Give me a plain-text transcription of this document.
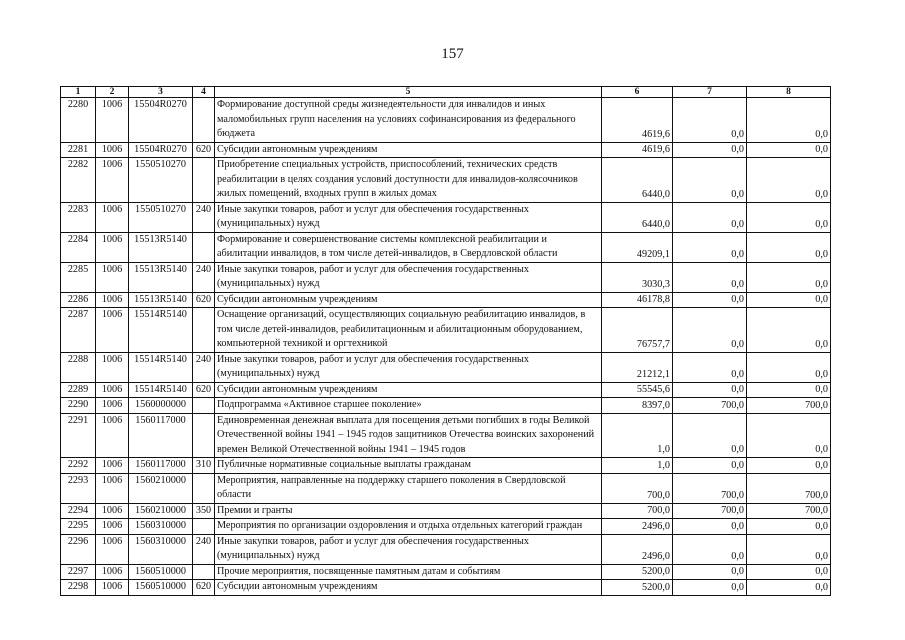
157
1	2	3	4	5	6	7	8
2280	1006	15504R0270		Формирование доступной среды жизнедеятельности для инвалидов и иных маломобильных групп населения на условиях софинансирования из федерального бюджета	4619,6	0,0	0,0
2281	1006	15504R0270	620	Субсидии автономным учреждениям	4619,6	0,0	0,0
2282	1006	1550510270		Приобретение специальных устройств, приспособлений, технических средств реабилитации в целях создания условий доступности для инвалидов-колясочников жилых помещений, входных групп в жилых домах	6440,0	0,0	0,0
2283	1006	1550510270	240	Иные закупки товаров, работ и услуг для обеспечения государственных (муниципальных) нужд	6440,0	0,0	0,0
2284	1006	15513R5140		Формирование и совершенствование системы комплексной реабилитации и абилитации инвалидов, в том числе детей-инвалидов, в Свердловской области	49209,1	0,0	0,0
2285	1006	15513R5140	240	Иные закупки товаров, работ и услуг для обеспечения государственных (муниципальных) нужд	3030,3	0,0	0,0
2286	1006	15513R5140	620	Субсидии автономным учреждениям	46178,8	0,0	0,0
2287	1006	15514R5140		Оснащение организаций, осуществляющих социальную реабилитацию инвалидов, в том числе детей-инвалидов, реабилитационным и абилитационным оборудованием, компьютерной техникой и оргтехникой	76757,7	0,0	0,0
2288	1006	15514R5140	240	Иные закупки товаров, работ и услуг для обеспечения государственных (муниципальных) нужд	21212,1	0,0	0,0
2289	1006	15514R5140	620	Субсидии автономным учреждениям	55545,6	0,0	0,0
2290	1006	1560000000		Подпрограмма «Активное старшее поколение»	8397,0	700,0	700,0
2291	1006	1560117000		Единовременная денежная выплата для посещения детьми погибших в годы Великой Отечественной войны 1941 – 1945 годов защитников Отечества воинских захоронений времен Великой Отечественной войны 1941 – 1945 годов	1,0	0,0	0,0
2292	1006	1560117000	310	Публичные нормативные социальные выплаты гражданам	1,0	0,0	0,0
2293	1006	1560210000		Мероприятия, направленные на поддержку старшего поколения в Свердловской области	700,0	700,0	700,0
2294	1006	1560210000	350	Премии и гранты	700,0	700,0	700,0
2295	1006	1560310000		Мероприятия по организации оздоровления и отдыха отдельных категорий граждан	2496,0	0,0	0,0
2296	1006	1560310000	240	Иные закупки товаров, работ и услуг для обеспечения государственных (муниципальных) нужд	2496,0	0,0	0,0
2297	1006	1560510000		Прочие мероприятия, посвященные памятным датам и событиям	5200,0	0,0	0,0
2298	1006	1560510000	620	Субсидии автономным учреждениям	5200,0	0,0	0,0
